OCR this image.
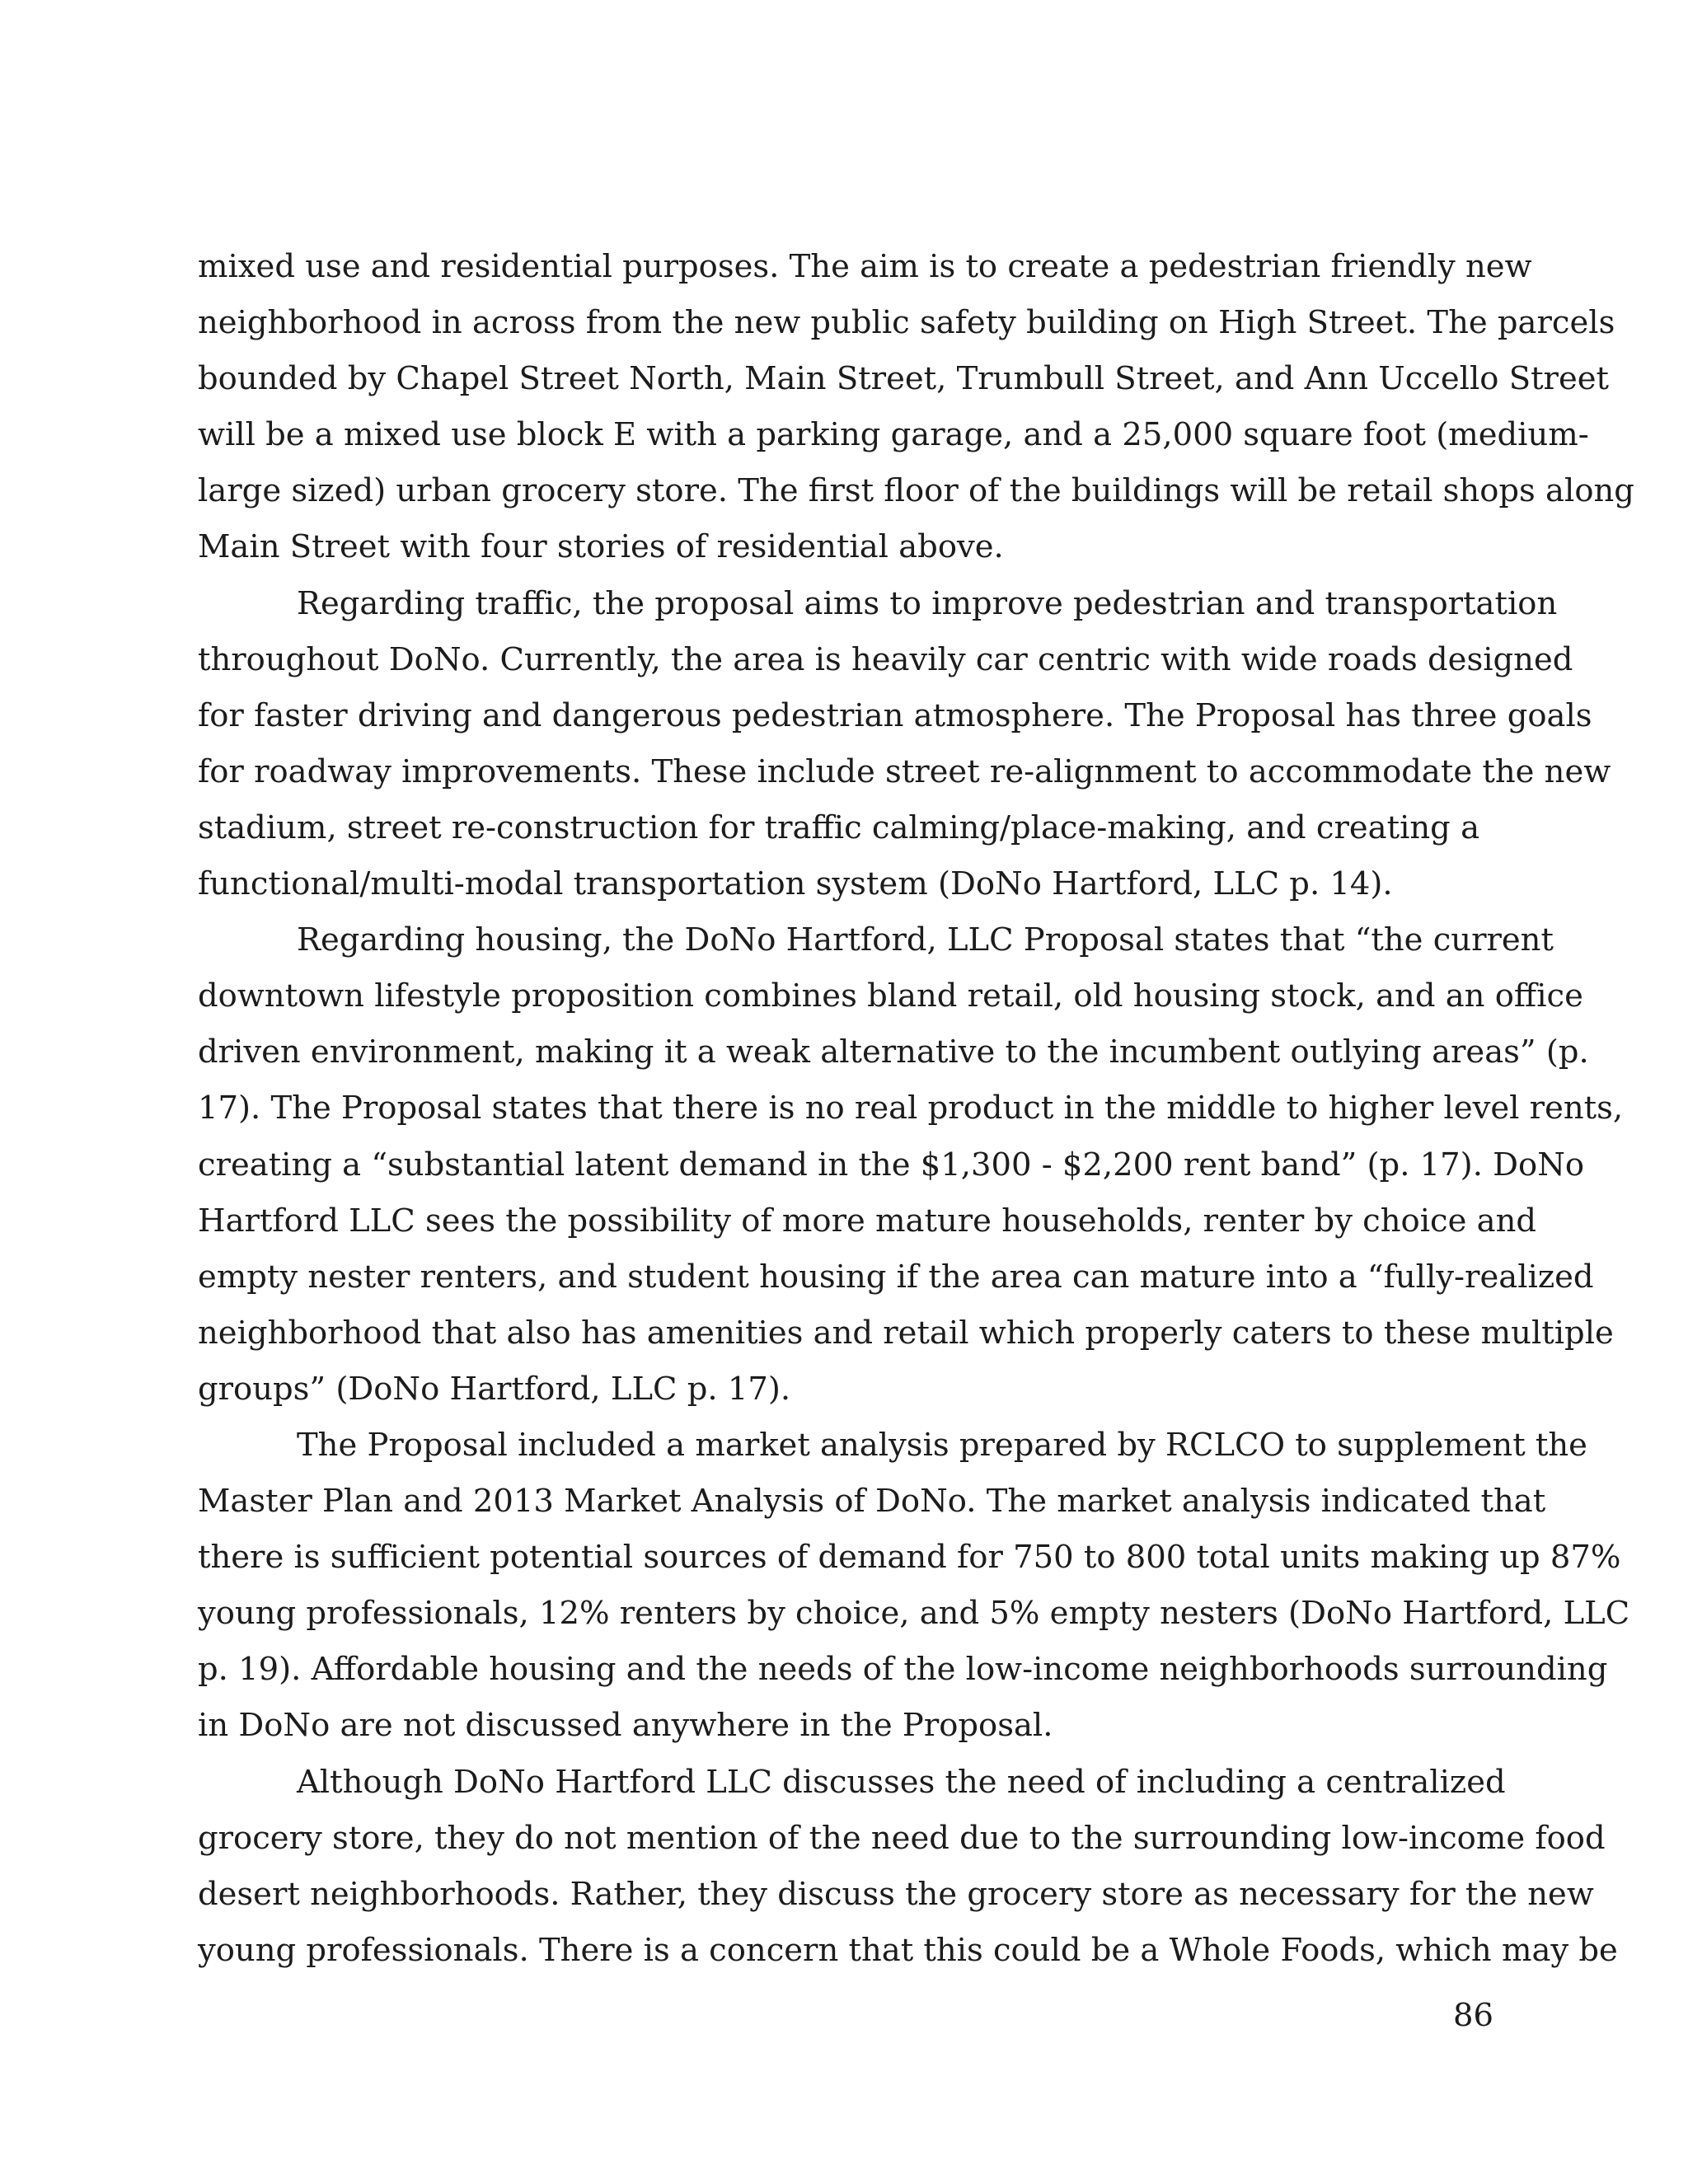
mixed use and residential purposes. The aim is to create a pedestrian friendly new
neighborhood in across from the new public safety building on High Street. The parcels
bounded by Chapel Street North, Main Street, Trumbull Street, and Ann Uccello Street
will be a mixed use block E with a parking garage, and a 25,000 square foot (medium-
large sized) urban grocery store. The first floor of the buildings will be retail shops along
Main Street with four stories of residential above.
Regarding traffic, the proposal aims to improve pedestrian and transportation
throughout DoNo. Currently, the area is heavily car centric with wide roads designed
for faster driving and dangerous pedestrian atmosphere. The Proposal has three goals
for roadway improvements. These include street re-alignment to accommodate the new
stadium, street re-construction for traffic calming/place-making, and creating a
functional/multi-modal transportation system (DoNo Hartford, LLC p. 14).
Regarding housing, the DoNo Hartford, LLC Proposal states that “the current
downtown lifestyle proposition combines bland retail, old housing stock, and an office
driven environment, making it a weak alternative to the incumbent outlying areas” (p.
17). The Proposal states that there is no real product in the middle to higher level rents,
creating a “substantial latent demand in the $1,300 - $2,200 rent band” (p. 17). DoNo
Hartford LLC sees the possibility of more mature households, renter by choice and
empty nester renters, and student housing if the area can mature into a “fully-realized
neighborhood that also has amenities and retail which properly caters to these multiple
groups” (DoNo Hartford, LLC p. 17).
The Proposal included a market analysis prepared by RCLCO to supplement the
Master Plan and 2013 Market Analysis of DoNo. The market analysis indicated that
there is sufficient potential sources of demand for 750 to 800 total units making up 87%
young professionals, 12% renters by choice, and 5% empty nesters (DoNo Hartford, LLC
p. 19). Affordable housing and the needs of the low-income neighborhoods surrounding
in DoNo are not discussed anywhere in the Proposal.
Although DoNo Hartford LLC discusses the need of including a centralized
grocery store, they do not mention of the need due to the surrounding low-income food
desert neighborhoods. Rather, they discuss the grocery store as necessary for the new
young professionals. There is a concern that this could be a Whole Foods, which may be
86
